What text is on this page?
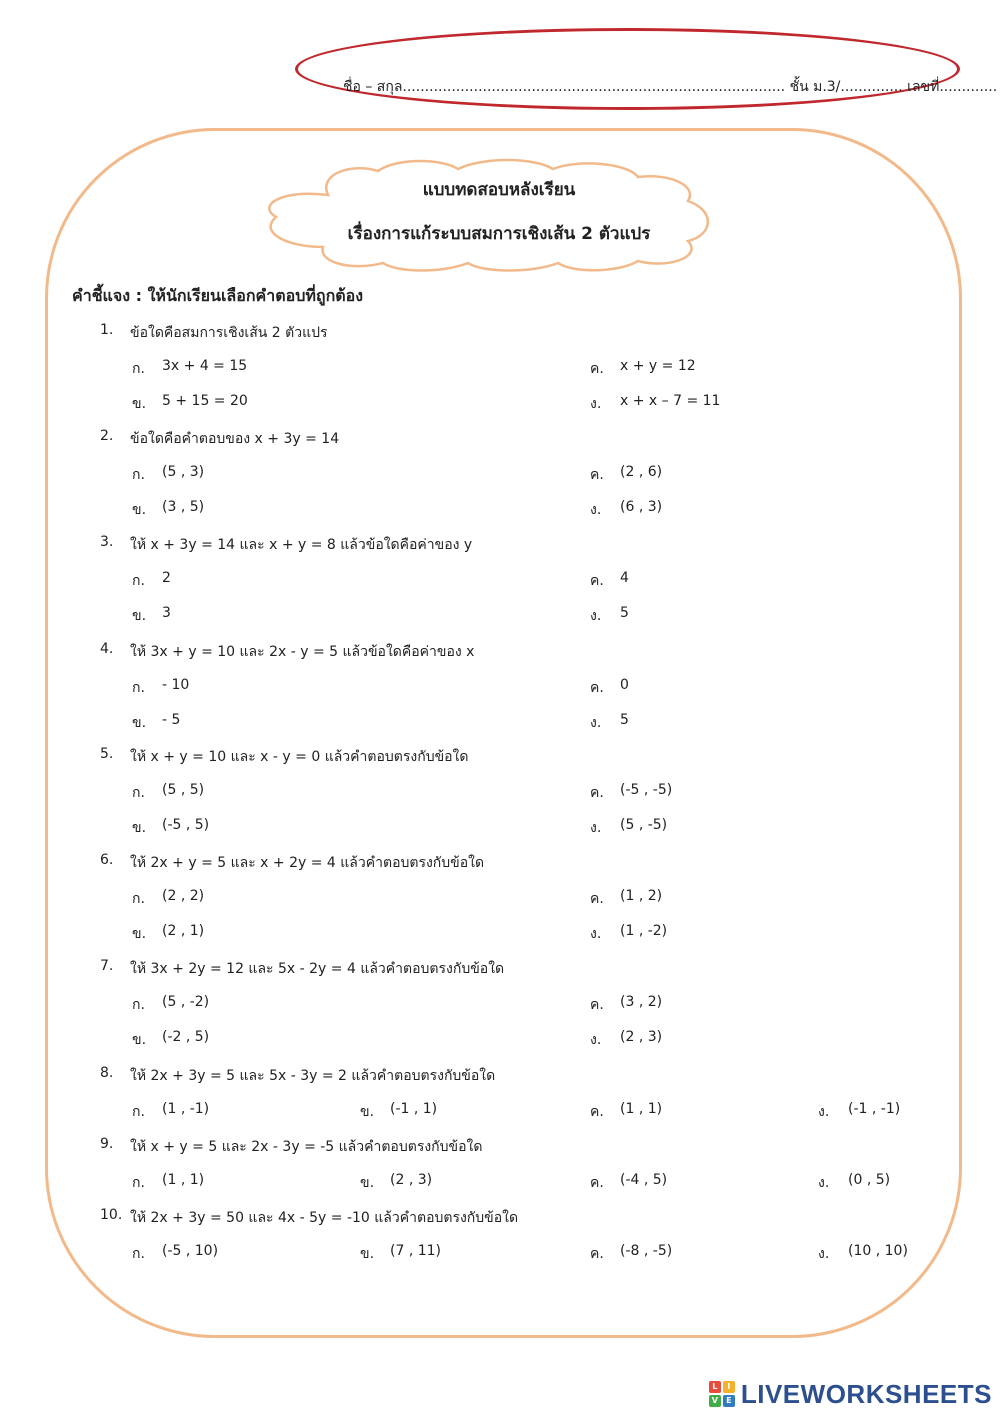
ชื่อ – สกุล...................................................................................... ชั้น ม.3/.............. เลขที่.............
แบบทดสอบหลังเรียน
เรื่องการแก้ระบบสมการเชิงเส้น 2 ตัวแปร
คำชี้แจง : ให้นักเรียนเลือกคำตอบที่ถูกต้อง
1. ข้อใดคือสมการเชิงเส้น 2 ตัวแปร
ก. 3x + 4 = 15	ค. x + y = 12
ข. 5 + 15 = 20	ง. x + x – 7 = 11
2. ข้อใดคือคำตอบของ x + 3y = 14
ก. (5 , 3)	ค. (2 , 6)
ข. (3 , 5)	ง. (6 , 3)
3. ให้ x + 3y = 14 และ x + y = 8 แล้วข้อใดคือค่าของ y
ก. 2	ค. 4
ข. 3	ง. 5
4. ให้ 3x + y = 10 และ 2x - y = 5 แล้วข้อใดคือค่าของ x
ก. - 10	ค. 0
ข. - 5	ง. 5
5. ให้ x + y = 10 และ x - y = 0 แล้วคำตอบตรงกับข้อใด
ก. (5 , 5)	ค. (-5 , -5)
ข. (-5 , 5)	ง. (5 , -5)
6. ให้ 2x + y = 5 และ x + 2y = 4 แล้วคำตอบตรงกับข้อใด
ก. (2 , 2)	ค. (1 , 2)
ข. (2 , 1)	ง. (1 , -2)
7. ให้ 3x + 2y = 12 และ 5x - 2y = 4 แล้วคำตอบตรงกับข้อใด
ก. (5 , -2)	ค. (3 , 2)
ข. (-2 , 5)	ง. (2 , 3)
8. ให้ 2x + 3y = 5 และ 5x - 3y = 2 แล้วคำตอบตรงกับข้อใด
ก. (1 , -1)	ข. (-1 , 1)	ค. (1 , 1)	ง. (-1 , -1)
9. ให้ x + y = 5 และ 2x - 3y = -5 แล้วคำตอบตรงกับข้อใด
ก. (1 , 1)	ข. (2 , 3)	ค. (-4 , 5)	ง. (0 , 5)
10. ให้ 2x + 3y = 50 และ 4x - 5y = -10 แล้วคำตอบตรงกับข้อใด
ก. (-5 , 10)	ข. (7 , 11)	ค. (-8 , -5)	ง. (10 , 10)
L	I
V	E LIVEWORKSHEETS
